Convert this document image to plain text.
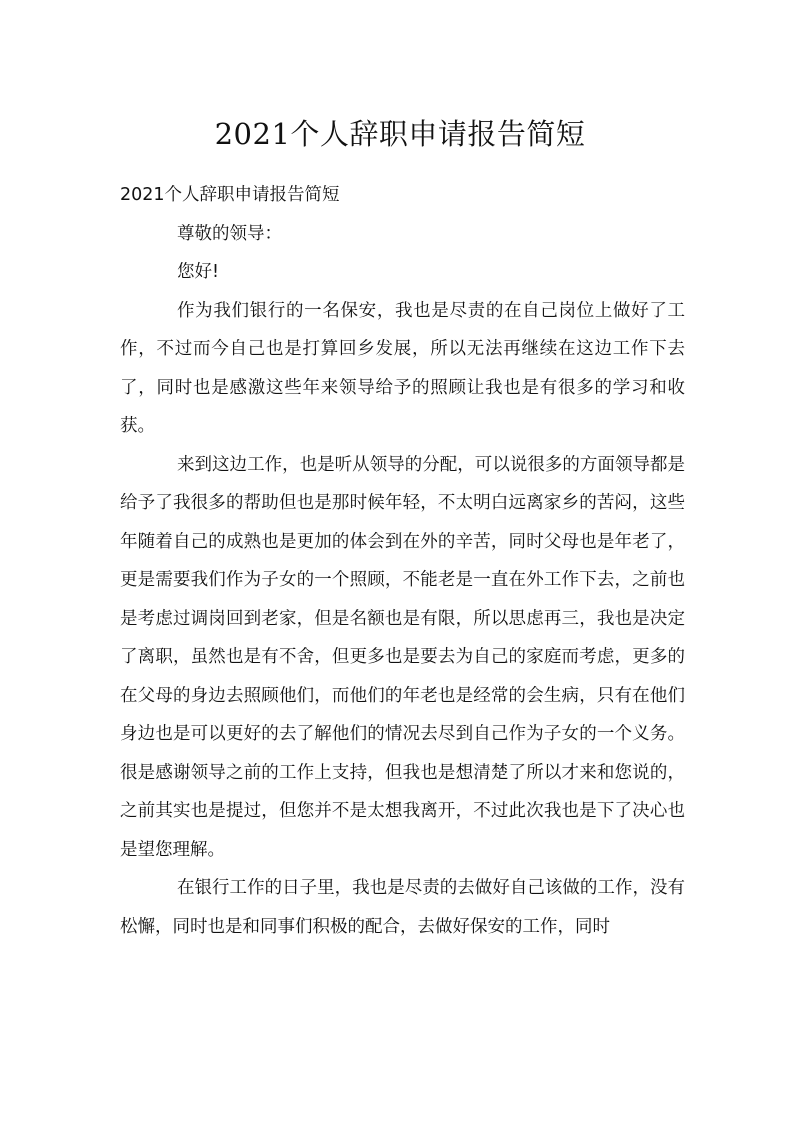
2021个人辞职申请报告简短

2021个人辞职申请报告简短

尊敬的领导：

您好!

作为我们银行的一名保安，我也是尽责的在自己岗位上做好了工作，不过而今自己也是打算回乡发展，所以无法再继续在这边工作下去了，同时也是感激这些年来领导给予的照顾让我也是有很多的学习和收获。

来到这边工作，也是听从领导的分配，可以说很多的方面领导都是给予了我很多的帮助但也是那时候年轻，不太明白远离家乡的苦闷，这些年随着自己的成熟也是更加的体会到在外的辛苦，同时父母也是年老了，更是需要我们作为子女的一个照顾，不能老是一直在外工作下去，之前也是考虑过调岗回到老家，但是名额也是有限，所以思虑再三，我也是决定了离职，虽然也是有不舍，但更多也是要去为自己的家庭而考虑，更多的在父母的身边去照顾他们，而他们的年老也是经常的会生病，只有在他们身边也是可以更好的去了解他们的情况去尽到自己作为子女的一个义务。很是感谢领导之前的工作上支持，但我也是想清楚了所以才来和您说的，之前其实也是提过，但您并不是太想我离开，不过此次我也是下了决心也是望您理解。

在银行工作的日子里，我也是尽责的去做好自己该做的工作，没有松懈，同时也是和同事们积极的配合，去做好保安的工作，同时
